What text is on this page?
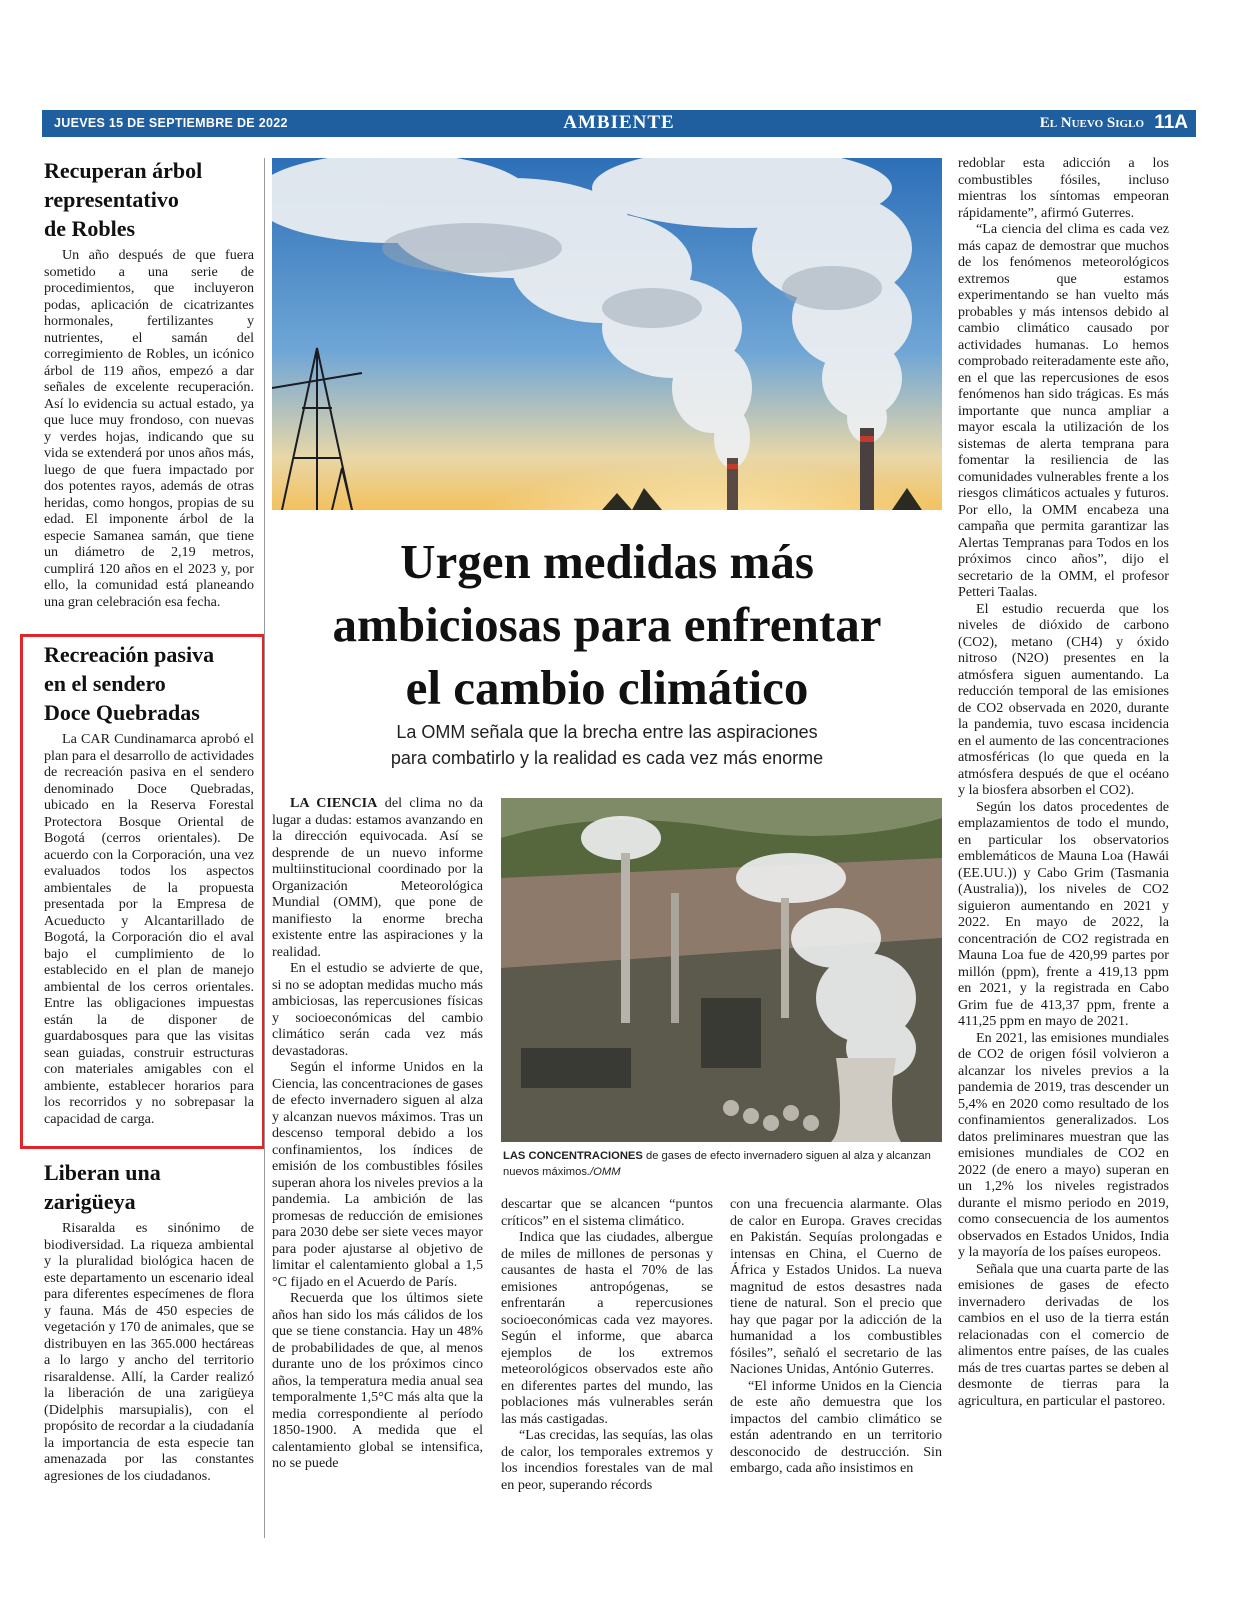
JUEVES 15 DE SEPTIEMBRE DE 2022	AMBIENTE	El Nuevo Siglo 11A
Recuperan árbol
representativo
de Robles

Un año después de que fuera sometido a una serie de procedimientos, que incluyeron podas, aplicación de cicatrizantes hormonales, fertilizantes y nutrientes, el samán del corregimiento de Robles, un icónico árbol de 119 años, empezó a dar señales de excelente recuperación. Así lo evidencia su actual estado, ya que luce muy frondoso, con nuevas y verdes hojas, indicando que su vida se extenderá por unos años más, luego de que fuera impactado por dos potentes rayos, además de otras heridas, como hongos, propias de su edad. El imponente árbol de la especie Samanea samán, que tiene un diámetro de 2,19 metros, cumplirá 120 años en el 2023 y, por ello, la comunidad está planeando una gran celebración esa fecha.

Recreación pasiva
en el sendero
Doce Quebradas

La CAR Cundinamarca aprobó el plan para el desarrollo de actividades de recreación pasiva en el sendero denominado Doce Quebradas, ubicado en la Reserva Forestal Protectora Bosque Oriental de Bogotá (cerros orientales). De acuerdo con la Corporación, una vez evaluados todos los aspectos ambientales de la propuesta presentada por la Empresa de Acueducto y Alcantarillado de Bogotá, la Corporación dio el aval bajo el cumplimiento de lo establecido en el plan de manejo ambiental de los cerros orientales. Entre las obligaciones impuestas están la de disponer de guardabosques para que las visitas sean guiadas, construir estructuras con materiales amigables con el ambiente, establecer horarios para los recorridos y no sobrepasar la capacidad de carga.

Liberan una
zarigüeya

Risaralda es sinónimo de biodiversidad. La riqueza ambiental y la pluralidad biológica hacen de este departamento un escenario ideal para diferentes especímenes de flora y fauna. Más de 450 especies de vegetación y 170 de animales, que se distribuyen en las 365.000 hectáreas a lo largo y ancho del territorio risaraldense. Allí, la Carder realizó la liberación de una zarigüeya (Didelphis marsupialis), con el propósito de recordar a la ciudadanía la importancia de esta especie tan amenazada por las constantes agresiones de los ciudadanos.

Urgen medidas más
ambiciosas para enfrentar
el cambio climático
La OMM señala que la brecha entre las aspiraciones
para combatirlo y la realidad es cada vez más enorme

LA CIENCIA del clima no da lugar a dudas: estamos avanzando en la dirección equivocada. Así se desprende de un nuevo informe multiinstitucional coordinado por la Organización Meteorológica Mundial (OMM), que pone de manifiesto la enorme brecha existente entre las aspiraciones y la realidad.

En el estudio se advierte de que, si no se adoptan medidas mucho más ambiciosas, las repercusiones físicas y socioeconómicas del cambio climático serán cada vez más devastadoras.

Según el informe Unidos en la Ciencia, las concentraciones de gases de efecto invernadero siguen al alza y alcanzan nuevos máximos. Tras un descenso temporal debido a los confinamientos, los índices de emisión de los combustibles fósiles superan ahora los niveles previos a la pandemia. La ambición de las promesas de reducción de emisiones para 2030 debe ser siete veces mayor para poder ajustarse al objetivo de limitar el calentamiento global a 1,5 °C fijado en el Acuerdo de París.

Recuerda que los últimos siete años han sido los más cálidos de los que se tiene constancia. Hay un 48% de probabilidades de que, al menos durante uno de los próximos cinco años, la temperatura media anual sea temporalmente 1,5°C más alta que la media correspondiente al período 1850-1900. A medida que el calentamiento global se intensifica, no se puede

LAS CONCENTRACIONES de gases de efecto invernadero siguen al alza y alcanzan nuevos máximos./OMM

descartar que se alcancen “puntos críticos” en el sistema climático.

Indica que las ciudades, albergue de miles de millones de personas y causantes de hasta el 70% de las emisiones antropógenas, se enfrentarán a repercusiones socioeconómicas cada vez mayores. Según el informe, que abarca ejemplos de los extremos meteorológicos observados este año en diferentes partes del mundo, las poblaciones más vulnerables serán las más castigadas.

“Las crecidas, las sequías, las olas de calor, los temporales extremos y los incendios forestales van de mal en peor, superando récords

con una frecuencia alarmante. Olas de calor en Europa. Graves crecidas en Pakistán. Sequías prolongadas e intensas en China, el Cuerno de África y Estados Unidos. La nueva magnitud de estos desastres nada tiene de natural. Son el precio que hay que pagar por la adicción de la humanidad a los combustibles fósiles”, señaló el secretario de las Naciones Unidas, António Guterres.

“El informe Unidos en la Ciencia de este año demuestra que los impactos del cambio climático se están adentrando en un territorio desconocido de destrucción. Sin embargo, cada año insistimos en

redoblar esta adicción a los combustibles fósiles, incluso mientras los síntomas empeoran rápidamente”, afirmó Guterres.

“La ciencia del clima es cada vez más capaz de demostrar que muchos de los fenómenos meteorológicos extremos que estamos experimentando se han vuelto más probables y más intensos debido al cambio climático causado por actividades humanas. Lo hemos comprobado reiteradamente este año, en el que las repercusiones de esos fenómenos han sido trágicas. Es más importante que nunca ampliar a mayor escala la utilización de los sistemas de alerta temprana para fomentar la resiliencia de las comunidades vulnerables frente a los riesgos climáticos actuales y futuros. Por ello, la OMM encabeza una campaña que permita garantizar las Alertas Tempranas para Todos en los próximos cinco años”, dijo el secretario de la OMM, el profesor Petteri Taalas.

El estudio recuerda que los niveles de dióxido de carbono (CO2), metano (CH4) y óxido nitroso (N2O) presentes en la atmósfera siguen aumentando. La reducción temporal de las emisiones de CO2 observada en 2020, durante la pandemia, tuvo escasa incidencia en el aumento de las concentraciones atmosféricas (lo que queda en la atmósfera después de que el océano y la biosfera absorben el CO2).

Según los datos procedentes de emplazamientos de todo el mundo, en particular los observatorios emblemáticos de Mauna Loa (Hawái (EE.UU.)) y Cabo Grim (Tasmania (Australia)), los niveles de CO2 siguieron aumentando en 2021 y 2022. En mayo de 2022, la concentración de CO2 registrada en Mauna Loa fue de 420,99 partes por millón (ppm), frente a 419,13 ppm en 2021, y la registrada en Cabo Grim fue de 413,37 ppm, frente a 411,25 ppm en mayo de 2021.

En 2021, las emisiones mundiales de CO2 de origen fósil volvieron a alcanzar los niveles previos a la pandemia de 2019, tras descender un 5,4% en 2020 como resultado de los confinamientos generalizados. Los datos preliminares muestran que las emisiones mundiales de CO2 en 2022 (de enero a mayo) superan en un 1,2% los niveles registrados durante el mismo periodo en 2019, como consecuencia de los aumentos observados en Estados Unidos, India y la mayoría de los países europeos.

Señala que una cuarta parte de las emisiones de gases de efecto invernadero derivadas de los cambios en el uso de la tierra están relacionadas con el comercio de alimentos entre países, de las cuales más de tres cuartas partes se deben al desmonte de tierras para la agricultura, en particular el pastoreo.
